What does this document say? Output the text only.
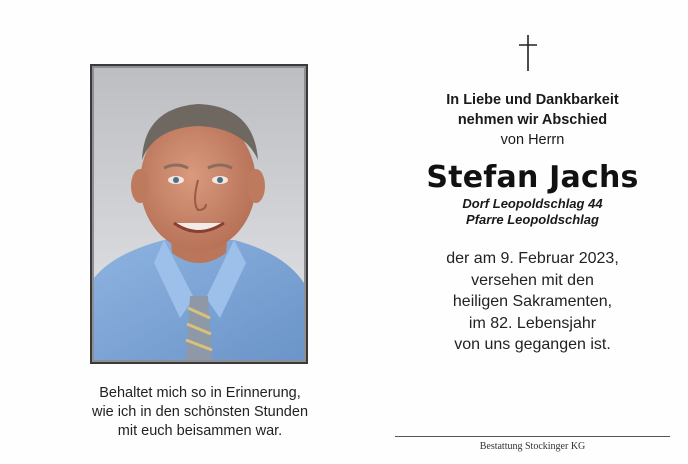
Behaltet mich so in Erinnerung,
wie ich in den schönsten Stunden
mit euch beisammen war.
In Liebe und Dankbarkeit
nehmen wir Abschied
von Herrn
Stefan Jachs
Dorf Leopoldschlag 44
Pfarre Leopoldschlag
der am 9. Februar 2023,
versehen mit den
heiligen Sakramenten,
im 82. Lebensjahr
von uns gegangen ist.
Bestattung Stockinger KG
